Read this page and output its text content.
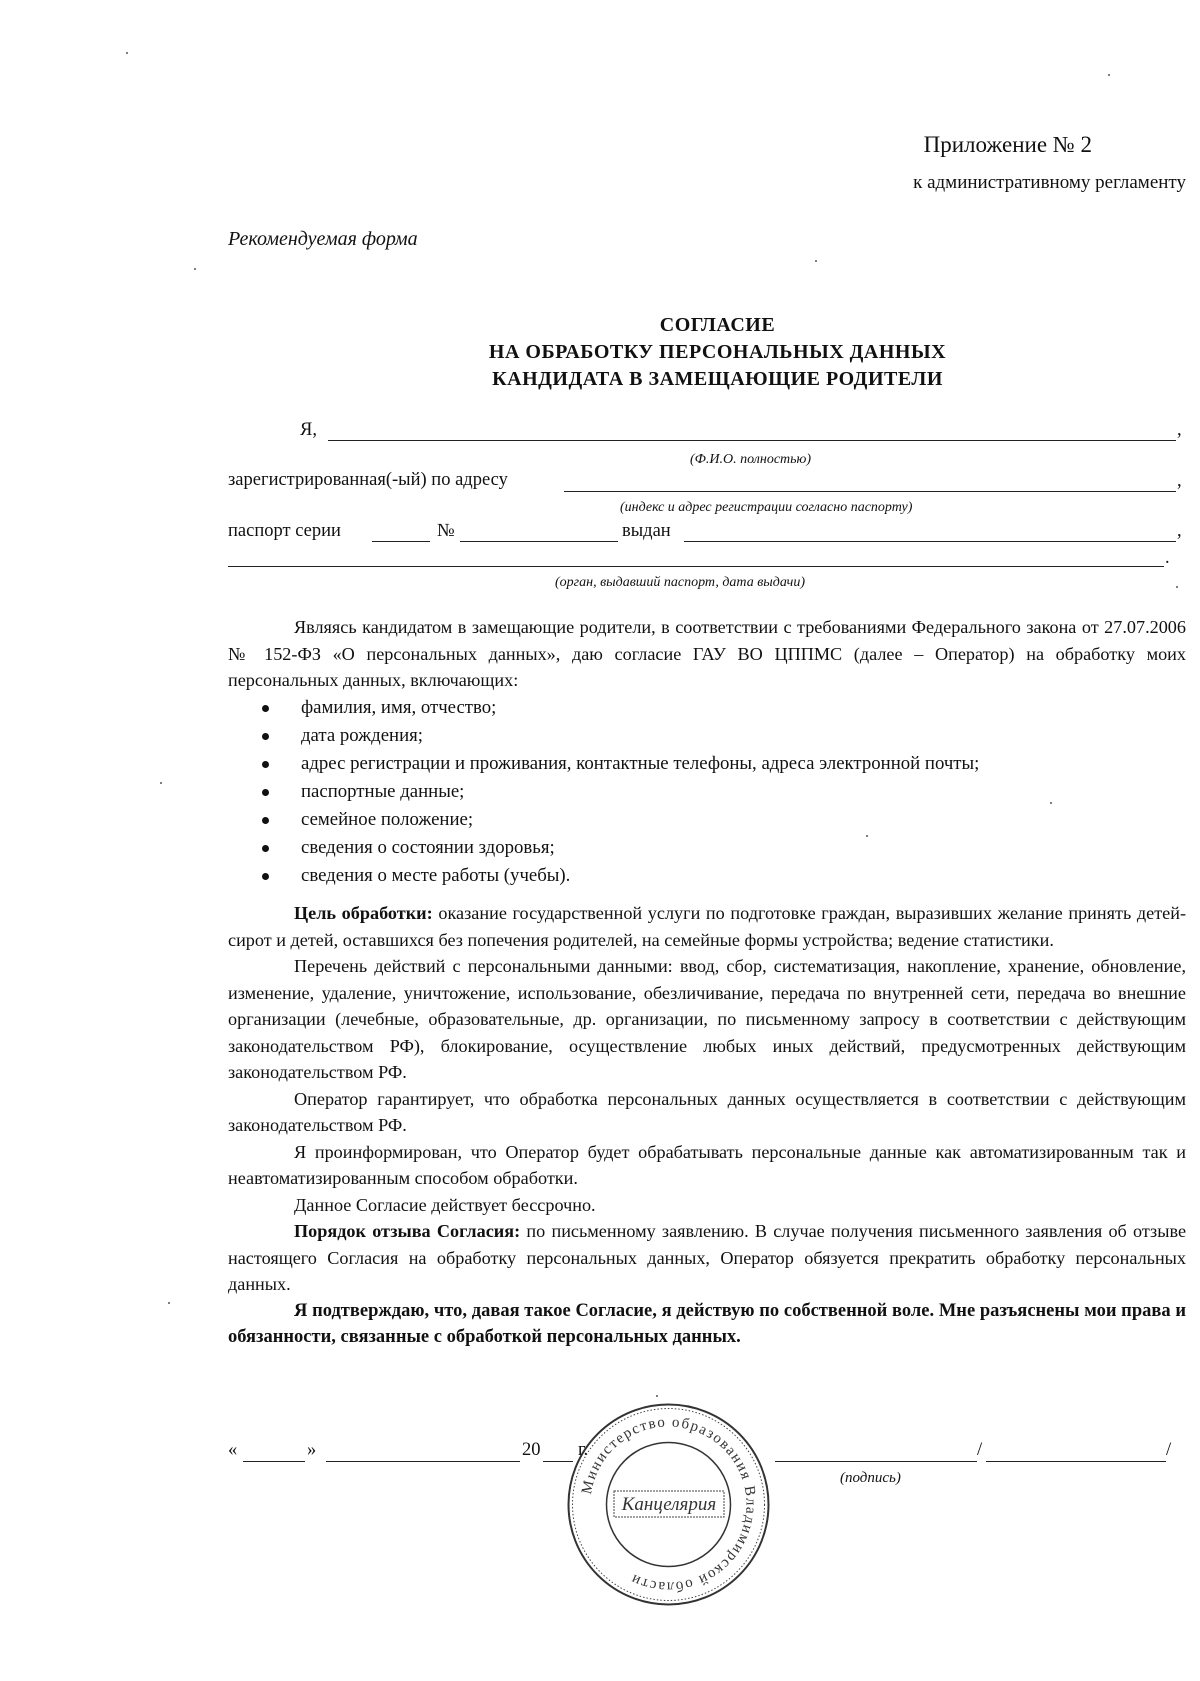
Приложение № 2
к административному регламенту
Рекомендуемая форма
СОГЛАСИЕ
НА ОБРАБОТКУ ПЕРСОНАЛЬНЫХ ДАННЫХ
КАНДИДАТА В ЗАМЕЩАЮЩИЕ РОДИТЕЛИ
Я,	,
(Ф.И.О. полностью)
зарегистрированная(-ый) по адресу	,
(индекс и адрес регистрации согласно паспорту)
паспорт серии	№	выдан	,
.
(орган, выдавший паспорт, дата выдачи)

Являясь кандидатом в замещающие родители, в соответствии с требованиями Федерального закона от 27.07.2006 № 152-ФЗ «О персональных данных», даю согласие ГАУ ВО ЦППМС (далее – Оператор) на обработку моих персональных данных, включающих:

фамилия, имя, отчество;
дата рождения;
адрес регистрации и проживания, контактные телефоны, адреса электронной почты;
паспортные данные;
семейное положение;
сведения о состоянии здоровья;
сведения о месте работы (учебы).

Цель обработки: оказание государственной услуги по подготовке граждан, выразивших желание принять детей-сирот и детей, оставшихся без попечения родителей, на семейные формы устройства; ведение статистики.

Перечень действий с персональными данными: ввод, сбор, систематизация, накопление, хранение, обновление, изменение, удаление, уничтожение, использование, обезличивание, передача по внутренней сети, передача во внешние организации (лечебные, образовательные, др. организации, по письменному запросу в соответствии с действующим законодательством РФ), блокирование, осуществление любых иных действий, предусмотренных действующим законодательством РФ.

Оператор гарантирует, что обработка персональных данных осуществляется в соответствии с действующим законодательством РФ.

Я проинформирован, что Оператор будет обрабатывать персональные данные как автоматизированным так и неавтоматизированным способом обработки.

Данное Согласие действует бессрочно.

Порядок отзыва Согласия: по письменному заявлению. В случае получения письменного заявления об отзыве настоящего Согласия на обработку персональных данных, Оператор обязуется прекратить обработку персональных данных.

Я подтверждаю, что, давая такое Согласие, я действую по собственной воле. Мне разъяснены мои права и обязанности, связанные с обработкой персональных данных.

«	»	20 г.	/	/
(подпись)
Министерство образования Владимирской области
Канцелярия
